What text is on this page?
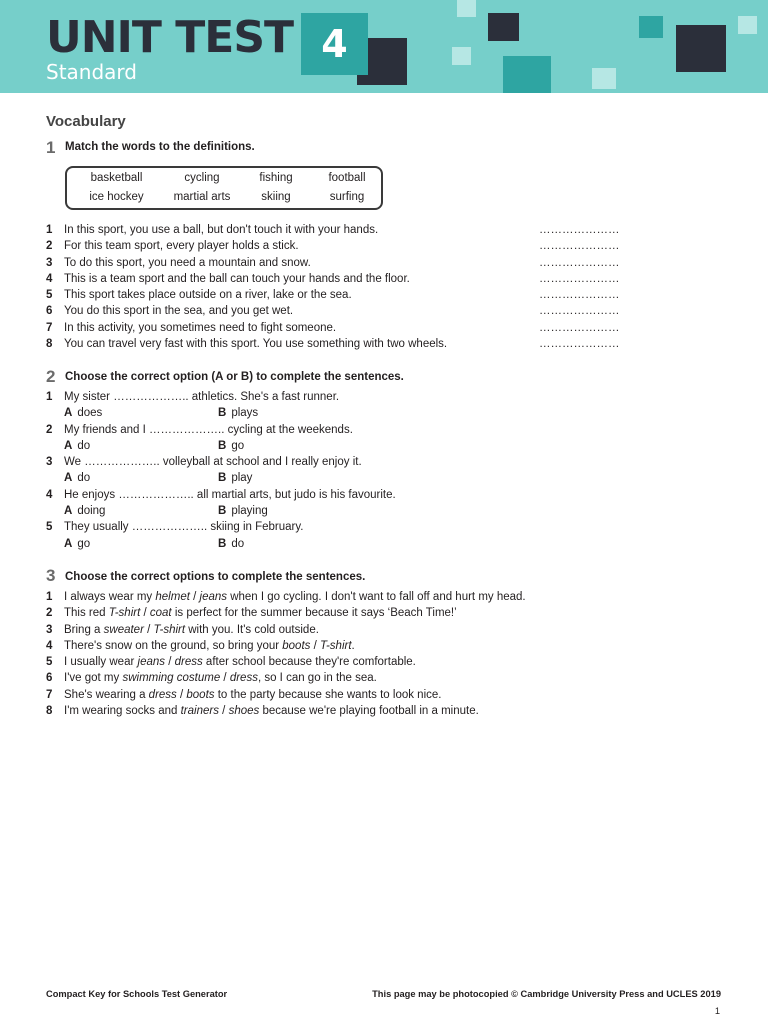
UNIT TEST
Standard
4
Vocabulary
1 Match the words to the definitions.
basketball	cycling	fishing	football
ice hockey	martial arts	skiing	surfing
1	In this sport, you use a ball, but don't touch it with your hands.	…………………
2	For this team sport, every player holds a stick.	…………………
3	To do this sport, you need a mountain and snow.	…………………
4	This is a team sport and the ball can touch your hands and the floor.	…………………
5	This sport takes place outside on a river, lake or the sea.	…………………
6	You do this sport in the sea, and you get wet.	…………………
7	In this activity, you sometimes need to fight someone.	…………………
8	You can travel very fast with this sport. You use something with two wheels.	…………………
2 Choose the correct option (A or B) to complete the sentences.
1	My sister ……………….. athletics. She's a fast runner.
A does	B plays
2	My friends and I ……………….. cycling at the weekends.
A do	B go
3	We ……………….. volleyball at school and I really enjoy it.
A do	B play
4	He enjoys ……………….. all martial arts, but judo is his favourite.
A doing	B playing
5	They usually ……………….. skiing in February.
A go	B do
3 Choose the correct options to complete the sentences.
1	I always wear my helmet / jeans when I go cycling. I don't want to fall off and hurt my head.
2	This red T-shirt / coat is perfect for the summer because it says ‘Beach Time!’
3	Bring a sweater / T-shirt with you. It's cold outside.
4	There's snow on the ground, so bring your boots / T-shirt.
5	I usually wear jeans / dress after school because they're comfortable.
6	I've got my swimming costume / dress, so I can go in the sea.
7	She's wearing a dress / boots to the party because she wants to look nice.
8	I'm wearing socks and trainers / shoes because we're playing football in a minute.
Compact Key for Schools Test Generator	This page may be photocopied © Cambridge University Press and UCLES 2019
1
